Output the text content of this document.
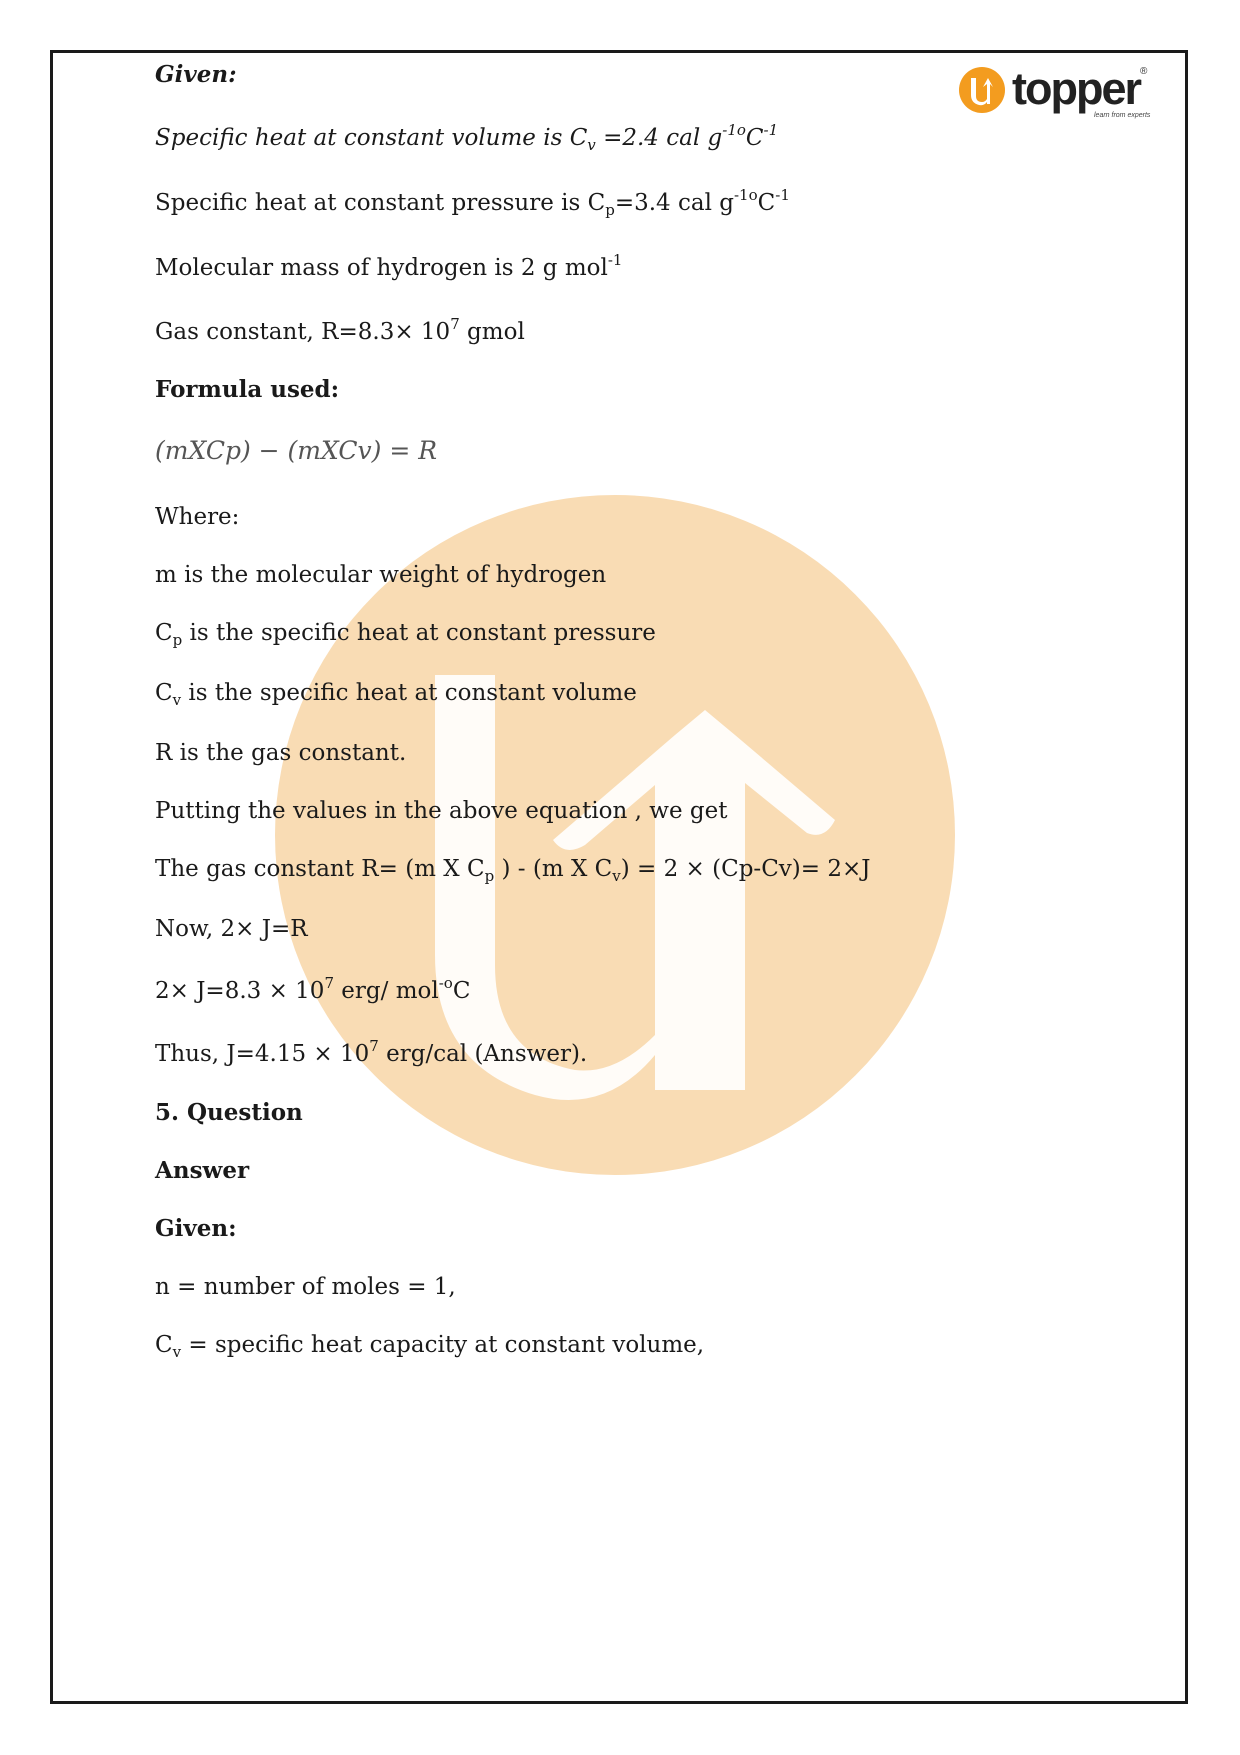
topper ®
learn from experts
Given:
Specific heat at constant volume is $C_v =2.4$ cal $g^{-1o}C^{-1}$
Specific heat at constant pressure is $C_p=3.4$ cal $g^{-1o}C^{-1}$
Molecular mass of hydrogen is 2 g mol$^{-1}$
Gas constant, $R=8.3\times 10^7$ gmol
Formula used:
(mXCp) − (mXCv) = R
Where:
m is the molecular weight of hydrogen
$C_p$ is the specific heat at constant pressure
$C_v$ is the specific heat at constant volume
R is the gas constant.
Putting the values in the above equation , we get
The gas constant R= (m X $C_p$ ) - (m X $C_v) = 2 \times (Cp-Cv)= 2\times J$
Now, 2× J=R
$2\times J=8.3 \times 10^7$ erg/ mol$^{-o}$C
Thus, $J=4.15 \times 10^7$ erg/cal (Answer).
5. Question
Answer
Given:
n = number of moles = 1,
$C_v$ = specific heat capacity at constant volume,
